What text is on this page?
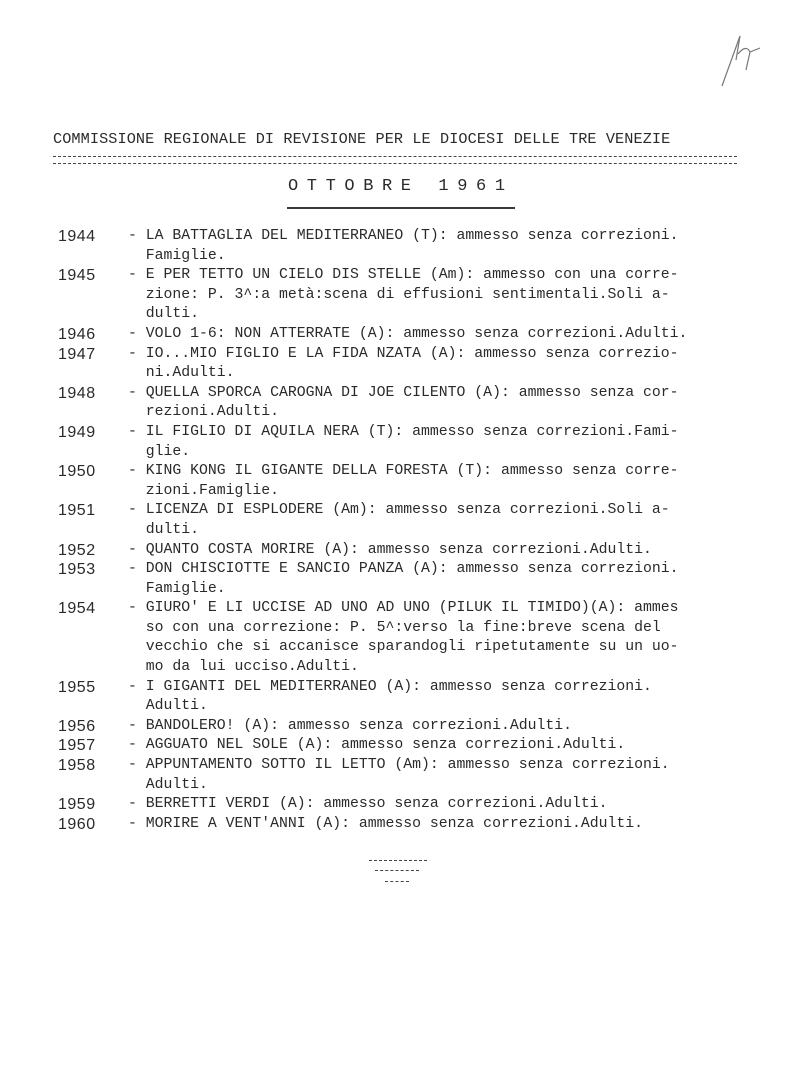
COMMISSIONE REGIONALE DI REVISIONE PER LE DIOCESI DELLE TRE VENEZIE
OTTOBRE 1961
1944	- LA BATTAGLIA DEL MEDITERRANEO (T): ammesso senza correzioni.
Famiglie.
1945	- E PER TETTO UN CIELO DIS STELLE (Am): ammesso con una corre-
zione: P. 3^:a metà:scena di effusioni sentimentali.Soli a-
dulti.
1946	- VOLO 1-6: NON ATTERRATE (A): ammesso senza correzioni.Adulti.
1947	- IO...MIO FIGLIO E LA FIDA NZATA (A): ammesso senza correzio-
ni.Adulti.
1948	- QUELLA SPORCA CAROGNA DI JOE CILENTO (A): ammesso senza cor-
rezioni.Adulti.
1949	- IL FIGLIO DI AQUILA NERA (T): ammesso senza correzioni.Fami-
glie.
1950	- KING KONG IL GIGANTE DELLA FORESTA (T): ammesso senza corre-
zioni.Famiglie.
1951	- LICENZA DI ESPLODERE (Am): ammesso senza correzioni.Soli a-
dulti.
1952	- QUANTO COSTA MORIRE (A): ammesso senza correzioni.Adulti.
1953	- DON CHISCIOTTE E SANCIO PANZA (A): ammesso senza correzioni.
Famiglie.
1954	- GIURO' E LI UCCISE AD UNO AD UNO (PILUK IL TIMIDO)(A): ammes
so con una correzione: P. 5^:verso la fine:breve scena del
vecchio che si accanisce sparandogli ripetutamente su un uo-
mo da lui ucciso.Adulti.
1955	- I GIGANTI DEL MEDITERRANEO (A): ammesso senza correzioni.
Adulti.
1956	- BANDOLERO! (A): ammesso senza correzioni.Adulti.
1957	- AGGUATO NEL SOLE (A): ammesso senza correzioni.Adulti.
1958	- APPUNTAMENTO SOTTO IL LETTO (Am): ammesso senza correzioni.
Adulti.
1959	- BERRETTI VERDI (A): ammesso senza correzioni.Adulti.
1960	- MORIRE A VENT'ANNI (A): ammesso senza correzioni.Adulti.
